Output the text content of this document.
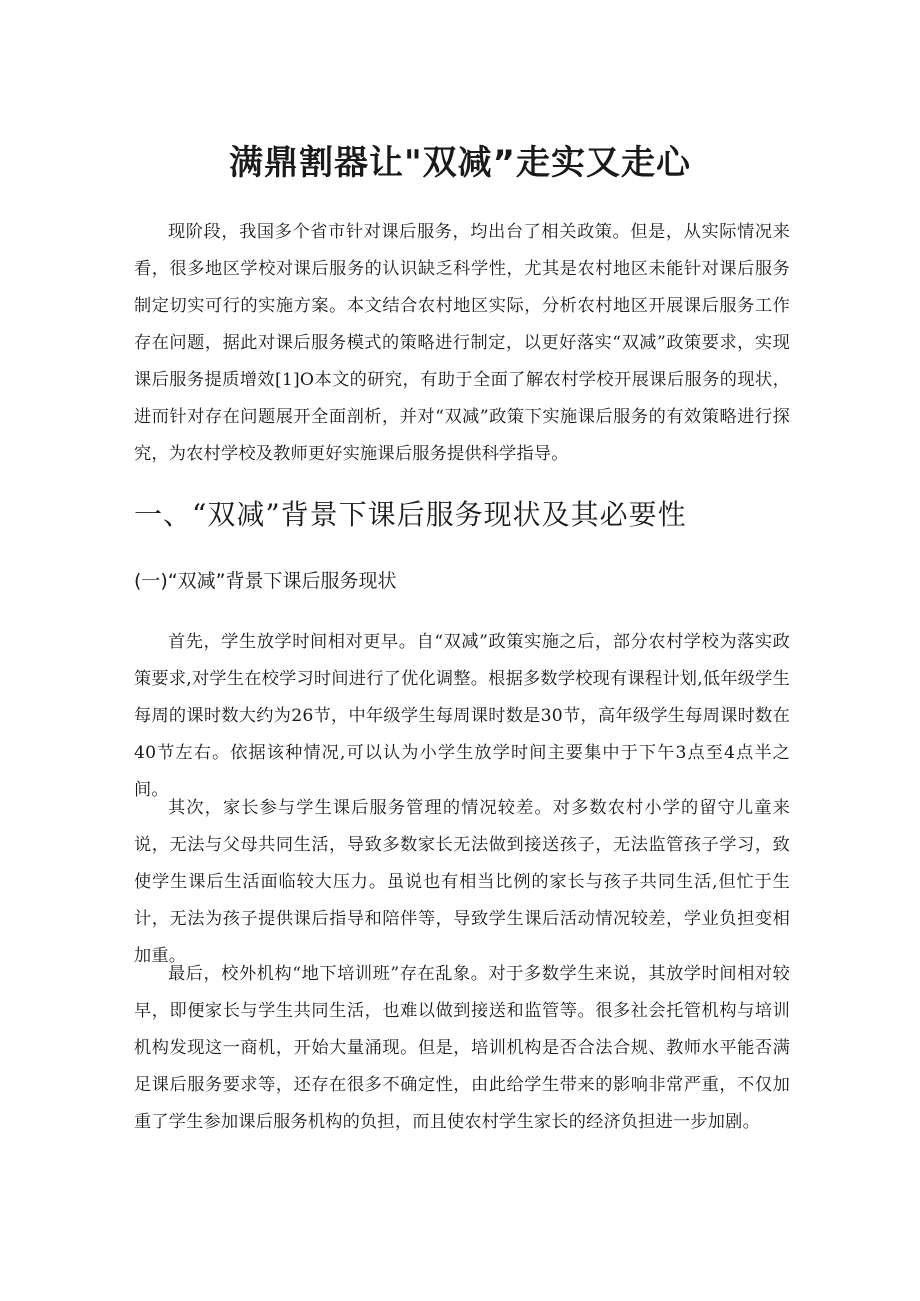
满鼎割器让"双减”走实又走心

现阶段，我国多个省市针对课后服务，均出台了相关政策。但是，从实际情况来看，很多地区学校对课后服务的认识缺乏科学性，尤其是农村地区未能针对课后服务制定切实可行的实施方案。本文结合农村地区实际，分析农村地区开展课后服务工作存在问题，据此对课后服务模式的策略进行制定，以更好落实“双减”政策要求，实现课后服务提质增效[1]O本文的研究，有助于全面了解农村学校开展课后服务的现状，进而针对存在问题展开全面剖析，并对“双减”政策下实施课后服务的有效策略进行探究，为农村学校及教师更好实施课后服务提供科学指导。

一、“双减”背景下课后服务现状及其必要性
(一)“双减”背景下课后服务现状

首先，学生放学时间相对更早。自“双减”政策实施之后，部分农村学校为落实政策要求,对学生在校学习时间进行了优化调整。根据多数学校现有课程计划,低年级学生每周的课时数大约为26节，中年级学生每周课时数是30节，高年级学生每周课时数在40节左右。依据该种情况,可以认为小学生放学时间主要集中于下午3点至4点半之间。

其次，家长参与学生课后服务管理的情况较差。对多数农村小学的留守儿童来说，无法与父母共同生活，导致多数家长无法做到接送孩子，无法监管孩子学习，致使学生课后生活面临较大压力。虽说也有相当比例的家长与孩子共同生活,但忙于生计，无法为孩子提供课后指导和陪伴等，导致学生课后活动情况较差，学业负担变相加重。

最后，校外机构“地下培训班”存在乱象。对于多数学生来说，其放学时间相对较早，即便家长与学生共同生活，也难以做到接送和监管等。很多社会托管机构与培训机构发现这一商机，开始大量涌现。但是，培训机构是否合法合规、教师水平能否满足课后服务要求等，还存在很多不确定性，由此给学生带来的影响非常严重，不仅加重了学生参加课后服务机构的负担，而且使农村学生家长的经济负担进一步加剧。
